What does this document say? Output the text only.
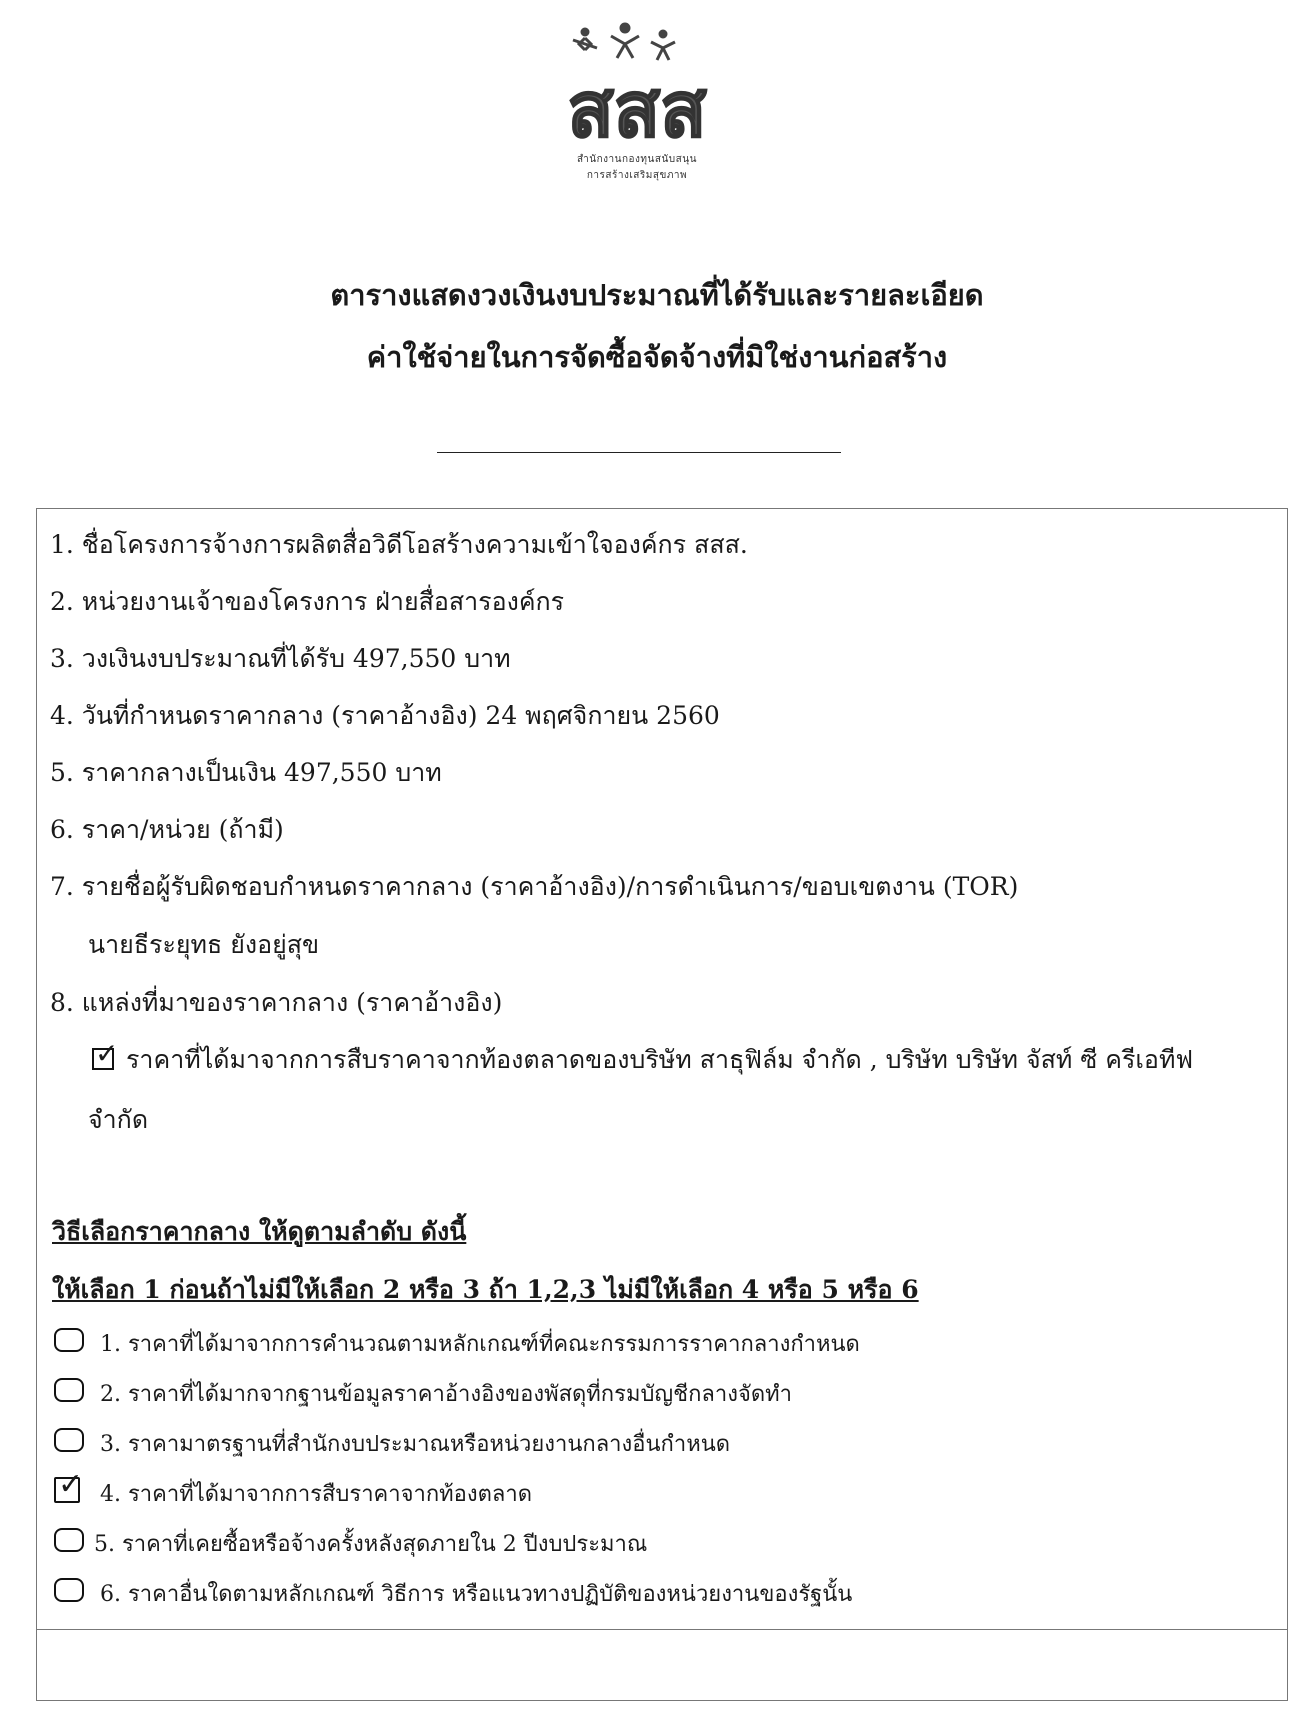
สสส
สำนักงานกองทุนสนับสนุน
การสร้างเสริมสุขภาพ
ตารางแสดงวงเงินงบประมาณที่ได้รับและรายละเอียด
ค่าใช้จ่ายในการจัดซื้อจัดจ้างที่มิใช่งานก่อสร้าง
1. ชื่อโครงการจ้างการผลิตสื่อวิดีโอสร้างความเข้าใจองค์กร สสส.
2. หน่วยงานเจ้าของโครงการ ฝ่ายสื่อสารองค์กร
3. วงเงินงบประมาณที่ได้รับ 497,550 บาท
4. วันที่กำหนดราคากลาง (ราคาอ้างอิง) 24 พฤศจิกายน 2560
5. ราคากลางเป็นเงิน 497,550 บาท
6. ราคา/หน่วย (ถ้ามี)
7. รายชื่อผู้รับผิดชอบกำหนดราคากลาง (ราคาอ้างอิง)/การดำเนินการ/ขอบเขตงาน (TOR)
นายธีระยุทธ ยังอยู่สุข
8. แหล่งที่มาของราคากลาง (ราคาอ้างอิง)
✓ ราคาที่ได้มาจากการสืบราคาจากท้องตลาดของบริษัท สาธุฟิล์ม จำกัด , บริษัท บริษัท จัสท์ ซี ครีเอทีฟ
จำกัด
วิธีเลือกราคากลาง ให้ดูตามลำดับ ดังนี้
ให้เลือก 1 ก่อนถ้าไม่มีให้เลือก 2 หรือ 3 ถ้า 1,2,3 ไม่มีให้เลือก 4 หรือ 5 หรือ 6
1. ราคาที่ได้มาจากการคำนวณตามหลักเกณฑ์ที่คณะกรรมการราคากลางกำหนด
2. ราคาที่ได้มากจากฐานข้อมูลราคาอ้างอิงของพัสดุที่กรมบัญชีกลางจัดทำ
3. ราคามาตรฐานที่สำนักงบประมาณหรือหน่วยงานกลางอื่นกำหนด
✓ 4. ราคาที่ได้มาจากการสืบราคาจากท้องตลาด
5. ราคาที่เคยซื้อหรือจ้างครั้งหลังสุดภายใน 2 ปีงบประมาณ
6. ราคาอื่นใดตามหลักเกณฑ์ วิธีการ หรือแนวทางปฏิบัติของหน่วยงานของรัฐนั้น
